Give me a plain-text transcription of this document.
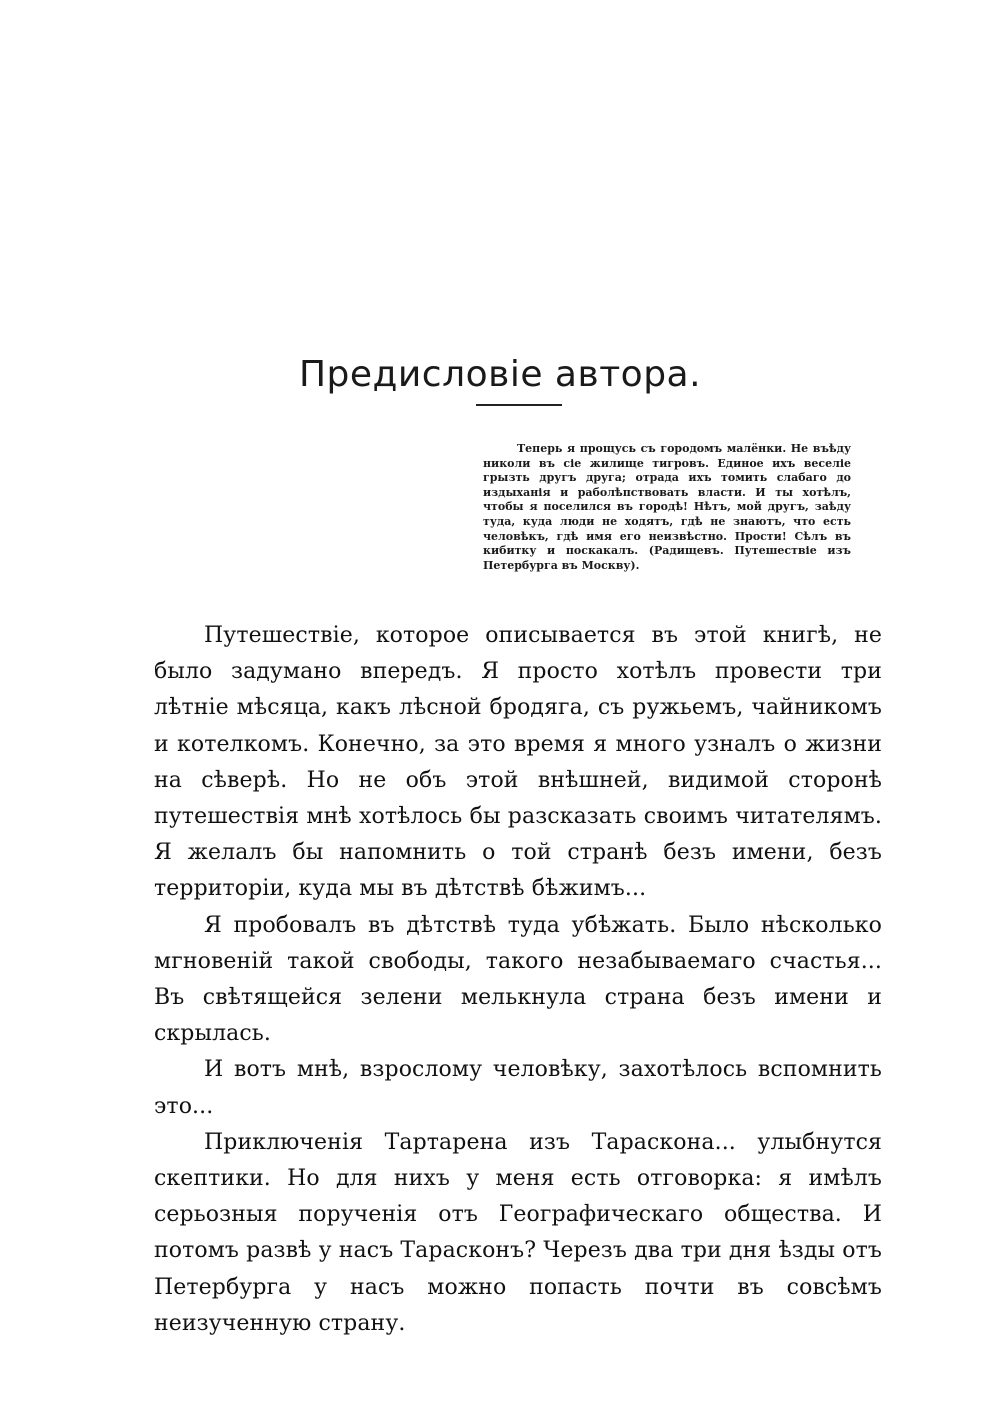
Предисловіе автора.

Теперь я прощусь съ городомъ малёнки. Не въѣду николи въ сіе жилище тигровъ. Единое ихъ веселіе грызть другъ друга; отрада ихъ томить слабаго до издыханія и раболѣпствовать власти. И ты хотѣлъ, чтобы я поселился въ городѣ! Нѣтъ, мой другъ, заѣду туда, куда люди не ходятъ, гдѣ не знаютъ, что есть человѣкъ, гдѣ имя его неизвѣстно. Прости! Сѣлъ въ кибитку и поскакалъ. (Радищевъ. Путешествіе изъ Петербурга въ Москву).

Путешествіе, которое описывается въ этой книгѣ, не было задумано впередъ. Я просто хотѣлъ провести три лѣтніе мѣсяца, какъ лѣсной бродяга, съ ружьемъ, чайникомъ и котелкомъ. Конечно, за это время я много узналъ о жизни на сѣверѣ. Но не объ этой внѣшней, видимой сторонѣ путешествія мнѣ хотѣлось бы разсказать своимъ читателямъ. Я желалъ бы напомнить о той странѣ безъ имени, безъ территоріи, куда мы въ дѣтствѣ бѣжимъ...

Я пробовалъ въ дѣтствѣ туда убѣжать. Было нѣсколько мгновеній такой свободы, такого незабываемаго счастья... Въ свѣтящейся зелени мелькнула страна безъ имени и скрылась.

И вотъ мнѣ, взрослому человѣку, захотѣлось вспомнить это...

Приключенія Тартарена изъ Тараскона... улыбнутся скептики. Но для нихъ у меня есть отговорка: я имѣлъ серьозныя порученія отъ Географическаго общества. И потомъ развѣ у насъ Тарасконъ? Черезъ два три дня ѣзды отъ Петербурга у насъ можно попасть почти въ совсѣмъ неизученную страну.
